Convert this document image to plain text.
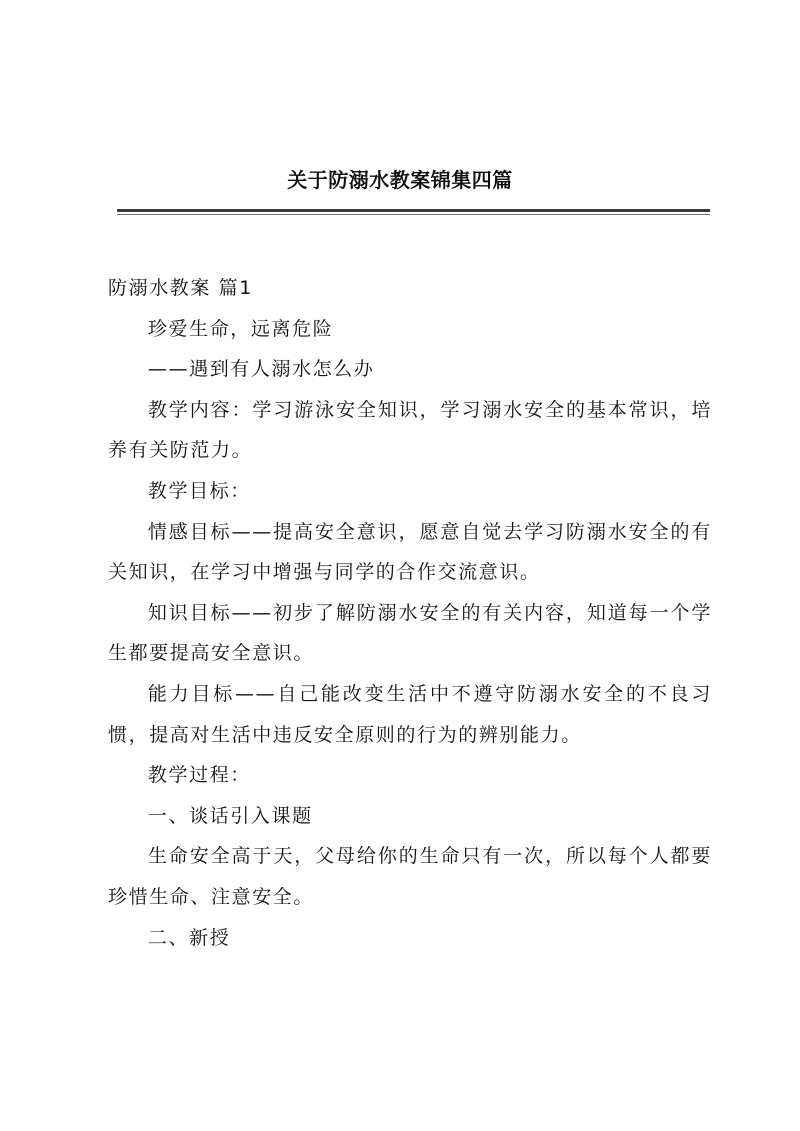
关于防溺水教案锦集四篇

防溺水教案 篇1

珍爱生命，远离危险

——遇到有人溺水怎么办

教学内容：学习游泳安全知识，学习溺水安全的基本常识，培养有关防范力。

教学目标：

情感目标——提高安全意识，愿意自觉去学习防溺水安全的有关知识，在学习中增强与同学的合作交流意识。

知识目标——初步了解防溺水安全的有关内容，知道每一个学生都要提高安全意识。

能力目标——自己能改变生活中不遵守防溺水安全的不良习惯，提高对生活中违反安全原则的行为的辨别能力。

教学过程：

一、谈话引入课题

生命安全高于天，父母给你的生命只有一次，所以每个人都要珍惜生命、注意安全。

二、新授
